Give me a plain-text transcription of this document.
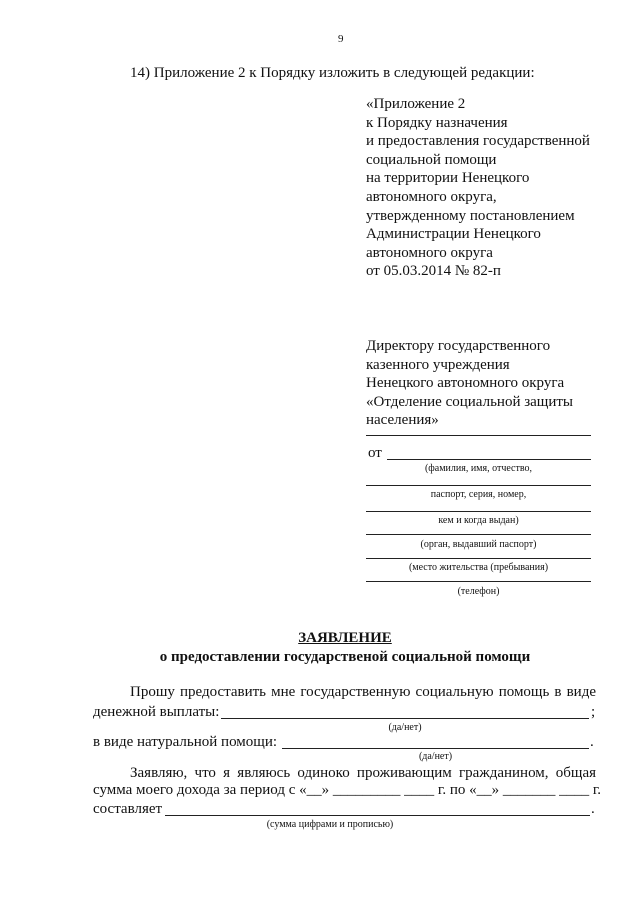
9
14) Приложение 2 к Порядку изложить в следующей редакции:
«Приложение 2
к Порядку назначения
и предоставления государственной
социальной помощи
на территории Ненецкого
автономного округа,
утвержденному постановлением
Администрации Ненецкого
автономного округа
от 05.03.2014 № 82-п
Директору государственного
казенного учреждения
Ненецкого автономного округа
«Отделение социальной защиты
населения»
от
(фамилия, имя, отчество,
паспорт, серия, номер,
кем и когда выдан)
(орган, выдавший паспорт)
(место жительства (пребывания)
(телефон)
ЗАЯВЛЕНИЕ
о предоставлении государственой социальной помощи
Прошу предоставить мне государственную социальную помощь в виде
денежной выплаты:	;
(да/нет)
в виде натуральной помощи:	.
(да/нет)
Заявляю, что я являюсь одиноко проживающим гражданином, общая
сумма моего дохода за период с «__» _________ ____ г. по «__» _______ ____ г.
составляет	.
(сумма цифрами и прописью)
